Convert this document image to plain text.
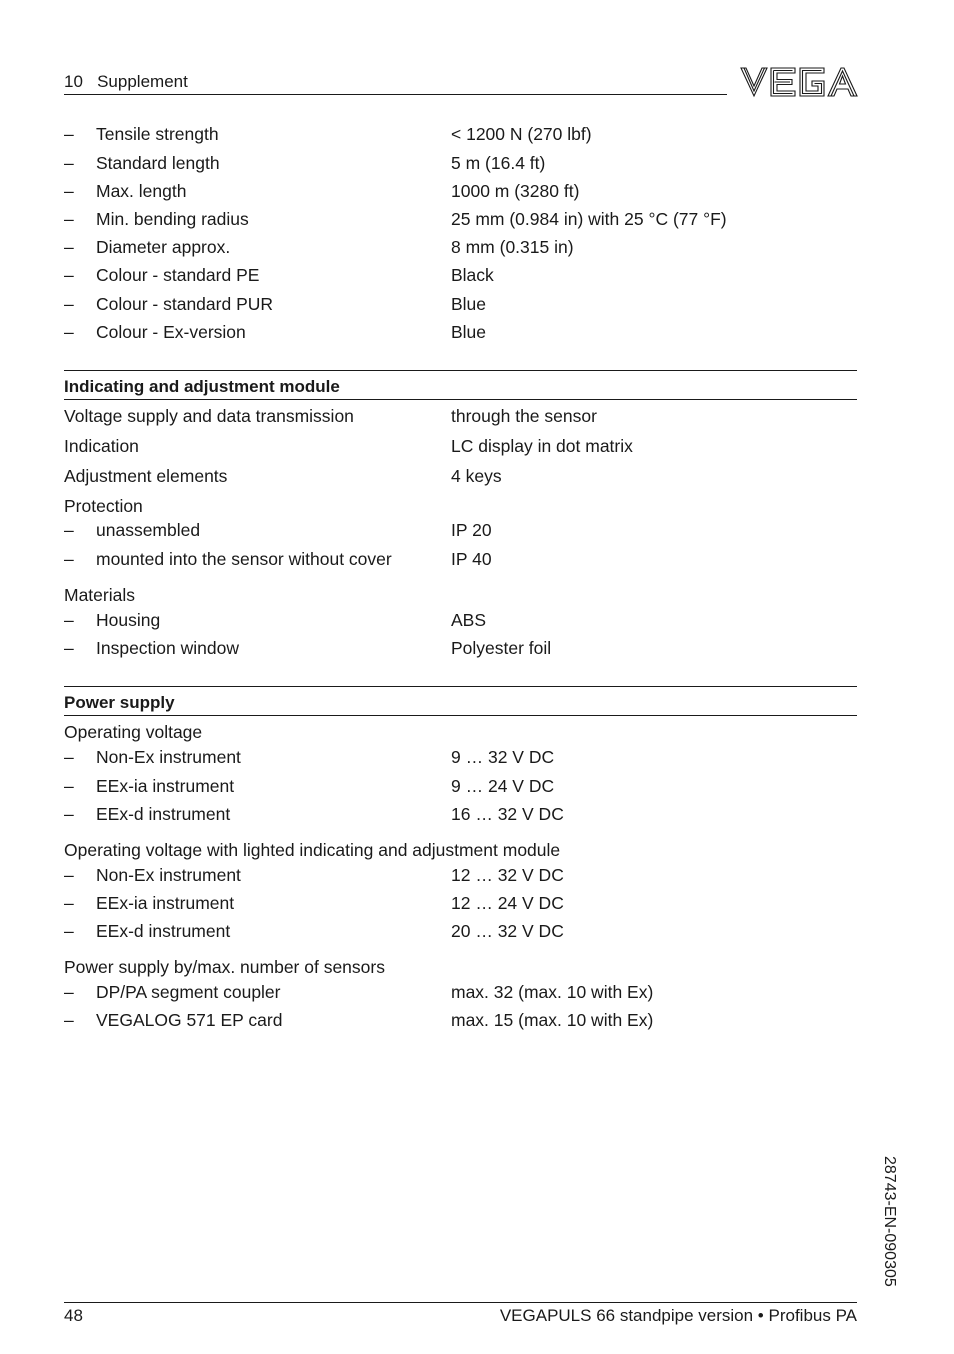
10 Supplement
–	Tensile strength	< 1200 N (270 lbf)
–	Standard length	5 m (16.4 ft)
–	Max. length	1000 m (3280 ft)
–	Min. bending radius	25 mm (0.984 in) with 25 °C (77 °F)
–	Diameter approx.	8 mm (0.315 in)
–	Colour - standard PE	Black
–	Colour - standard PUR	Blue
–	Colour - Ex-version	Blue
Indicating and adjustment module
Voltage supply and data transmission	through the sensor
Indication	LC display in dot matrix
Adjustment elements	4 keys
Protection
–	unassembled	IP 20
–	mounted into the sensor without cover	IP 40
Materials
–	Housing	ABS
–	Inspection window	Polyester foil
Power supply
Operating voltage
–	Non-Ex instrument	9 … 32 V DC
–	EEx-ia instrument	9 … 24 V DC
–	EEx-d instrument	16 … 32 V DC
Operating voltage with lighted indicating and adjustment module
–	Non-Ex instrument	12 … 32 V DC
–	EEx-ia instrument	12 … 24 V DC
–	EEx-d instrument	20 … 32 V DC
Power supply by/max. number of sensors
–	DP/PA segment coupler	max. 32 (max. 10 with Ex)
–	VEGALOG 571 EP card	max. 15 (max. 10 with Ex)
28743-EN-090305
48	VEGAPULS 66 standpipe version • Profibus PA
